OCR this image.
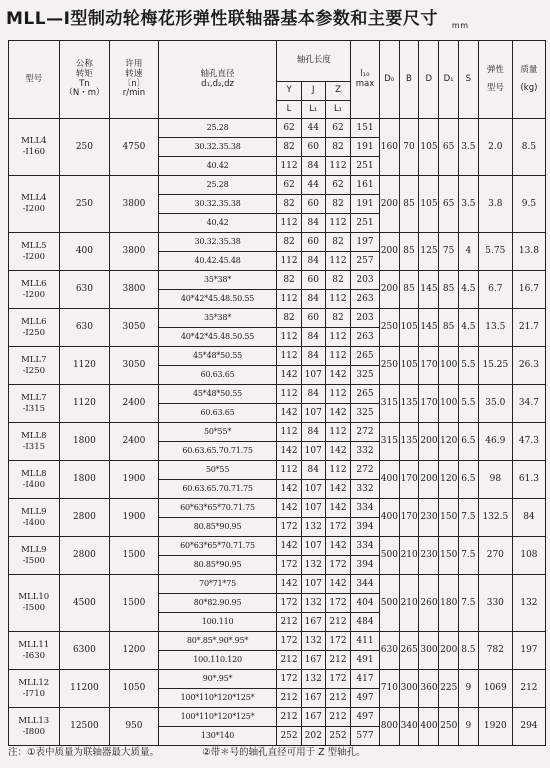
MLL—Ⅰ型制动轮梅花形弹性联轴器基本参数和主要尺寸 $_{mm}$
型号	公称
转矩
Tn
（N・m）	许用
转速
〔n〕
r/min	轴孔直径
d₁,d₂,dz	轴孔长度			l₁₀
max	D₀	B	D	D₁	S	弹性
型号	质量
(kg)

				Y	J	Z								
				L	L₁	L₁								

MLL4
-Ⅰ160	250	4750	25.28	62	44	62	151	160	70	105	65	3.5	2.0	8.5
			30.32.35.38	82	60	82	191							
			40.42	112	84	112	251							

MLL4
-Ⅰ200	250	3800	25.28	62	44	62	161	200	85	105	65	3.5	3.8	9.5
			30.32.35.38	82	60	82	191							
			40.42	112	84	112	251							

MLL5
-Ⅰ200	400	3800	30.32.35.38	82	60	82	197	200	85	125	75	4	5.75	13.8
			40.42.45.48	112	84	112	257							

MLL6
-Ⅰ200	630	3800	35*38*	82	60	82	203	200	85	145	85	4.5	6.7	16.7
			40*42*45.48.50.55	112	84	112	263							

MLL6
-Ⅰ250	630	3050	35*38*	82	60	82	203	250	105	145	85	4.5	13.5	21.7
			40*42*45.48.50.55	112	84	112	263							

MLL7
-Ⅰ250	1120	3050	45*48*50.55	112	84	112	265	250	105	170	100	5.5	15.25	26.3
			60.63.65	142	107	142	325							

MLL7
-Ⅰ315	1120	2400	45*48*50.55	112	84	112	265	315	135	170	100	5.5	35.0	34.7
			60.63.65	142	107	142	325							

MLL8
-Ⅰ315	1800	2400	50*55*	112	84	112	272	315	135	200	120	6.5	46.9	47.3
			60.63.65.70.71.75	142	107	142	332							

MLL8
-Ⅰ400	1800	1900	50*55	112	84	112	272	400	170	200	120	6.5	98	61.3
			60.63.65.70.71.75	142	107	142	332							

MLL9
-Ⅰ400	2800	1900	60*63*65*70.71.75	142	107	142	334	400	170	230	150	7.5	132.5	84
			80.85*90.95	172	132	172	394							

MLL9
-Ⅰ500	2800	1500	60*63*65*70.71.75	142	107	142	334	500	210	230	150	7.5	270	108
			80.85*90.95	172	132	172	394							

MLL10
-Ⅰ500	4500	1500	70*71*75	142	107	142	344	500	210	260	180	7.5	330	132
			80*82.90.95	172	132	172	404							
			100.110	212	167	212	484							

MLL11
-Ⅰ630	6300	1200	80*.85*.90*.95*	172	132	172	411	630	265	300	200	8.5	782	197
			100.110.120	212	167	212	491							

MLL12
-Ⅰ710	11200	1050	90*.95*	172	132	172	417	710	300	360	225	9	1069	212
			100*110*120*125*	212	167	212	497							

MLL13
-Ⅰ800	12500	950	100*110*120*125*	212	167	212	497	800	340	400	250	9	1920	294
			130*140	252	202	252	577							
注：①表中质量为联轴器最大质量。	②带＊号的轴孔直径可用于 Z 型轴孔。
